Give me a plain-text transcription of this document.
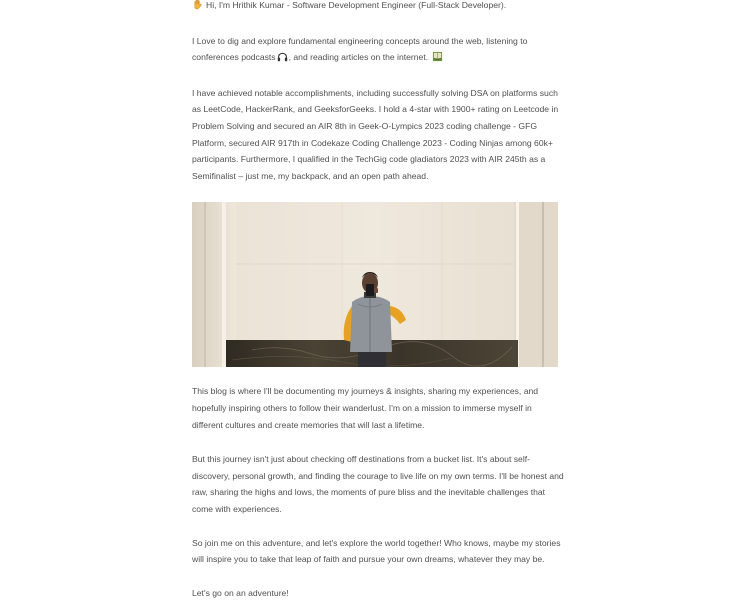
Hi, I'm Hrithik Kumar - Software Development Engineer (Full-Stack Developer).

I Love to dig and explore fundamental engineering concepts around the web, listening to conferences podcasts , and reading articles on the internet.

I have achieved notable accomplishments, including successfully solving DSA on platforms such as LeetCode, HackerRank, and GeeksforGeeks. I hold a 4-star with 1900+ rating on Leetcode in Problem Solving and secured an AIR 8th in Geek-O-Lympics 2023 coding challenge - GFG Platform, secured AIR 917th in Codekaze Coding Challenge 2023 - Coding Ninjas among 60k+ participants. Furthermore, I qualified in the TechGig code gladiators 2023 with AIR 245th as a Semifinalist – just me, my backpack, and an open path ahead.

This blog is where I'll be documenting my journeys & insights, sharing my experiences, and hopefully inspiring others to follow their wanderlust. I'm on a mission to immerse myself in different cultures and create memories that will last a lifetime.

But this journey isn't just about checking off destinations from a bucket list. It's about self-discovery, personal growth, and finding the courage to live life on my own terms. I'll be honest and raw, sharing the highs and lows, the moments of pure bliss and the inevitable challenges that come with experiences.

So join me on this adventure, and let's explore the world together! Who knows, maybe my stories will inspire you to take that leap of faith and pursue your own dreams, whatever they may be.

Let's go on an adventure!
